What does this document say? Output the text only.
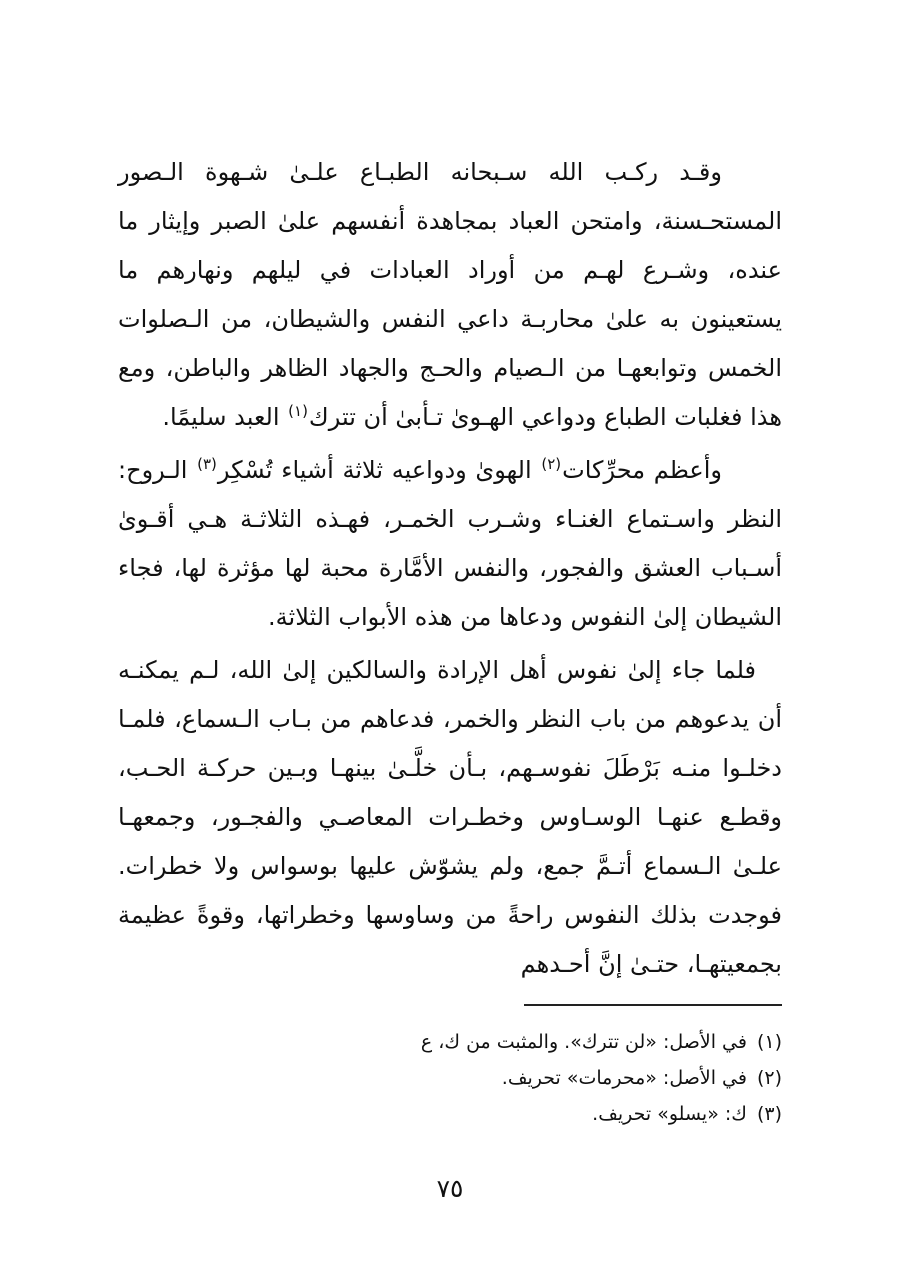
وقـد ركـب الله سـبحانه الطبـاع علـىٰ شـهوة الـصور المستحـسنة، وامتحن العباد بمجاهدة أنفسهم علىٰ الصبر وإيثار ما عنده، وشـرع لهـم من أوراد العبادات في ليلهم ونهارهم ما يستعينون به علىٰ محاربـة داعي النفس والشيطان، من الـصلوات الخمس وتوابعهـا من الـصيام والحـج والجهاد الظاهر والباطن، ومع هذا فغلبات الطباع ودواعي الهـوىٰ تـأبىٰ أن تترك$^{(١)}$ العبد سليمًا.

وأعظم محرِّكات$^{(٢)}$ الهوىٰ ودواعيه ثلاثة أشياء تُسْكِر$^{(٣)}$ الـروح: النظر واسـتماع الغنـاء وشـرب الخمـر، فهـذه الثلاثـة هـي أقـوىٰ أسـباب العشق والفجور، والنفس الأمَّارة محبة لها مؤثرة لها، فجاء الشيطان إلىٰ النفوس ودعاها من هذه الأبواب الثلاثة.

فلما جاء إلىٰ نفوس أهل الإرادة والسالكين إلىٰ الله، لـم يمكنـه أن يدعوهم من باب النظر والخمر، فدعاهم من بـاب الـسماع، فلمـا دخلـوا منـه بَرْطَلَ نفوسـهم، بـأن خلَّـىٰ بينهـا وبـين حركـة الحـب، وقطـع عنهـا الوسـاوس وخطـرات المعاصـي والفجـور، وجمعهـا علـىٰ الـسماع أتـمَّ جمع، ولم يشوّش عليها بوسواس ولا خطرات. فوجدت بذلك النفوس راحةً من وساوسها وخطراتها، وقوةً عظيمة بجمعيتهـا، حتـىٰ إنَّ أحـدهم

(١)في الأصل: «لن تترك». والمثبت من ك، ع
(٢)في الأصل: «محرمات» تحريف.
(٣)ك: «يسلو» تحريف.
٧٥
